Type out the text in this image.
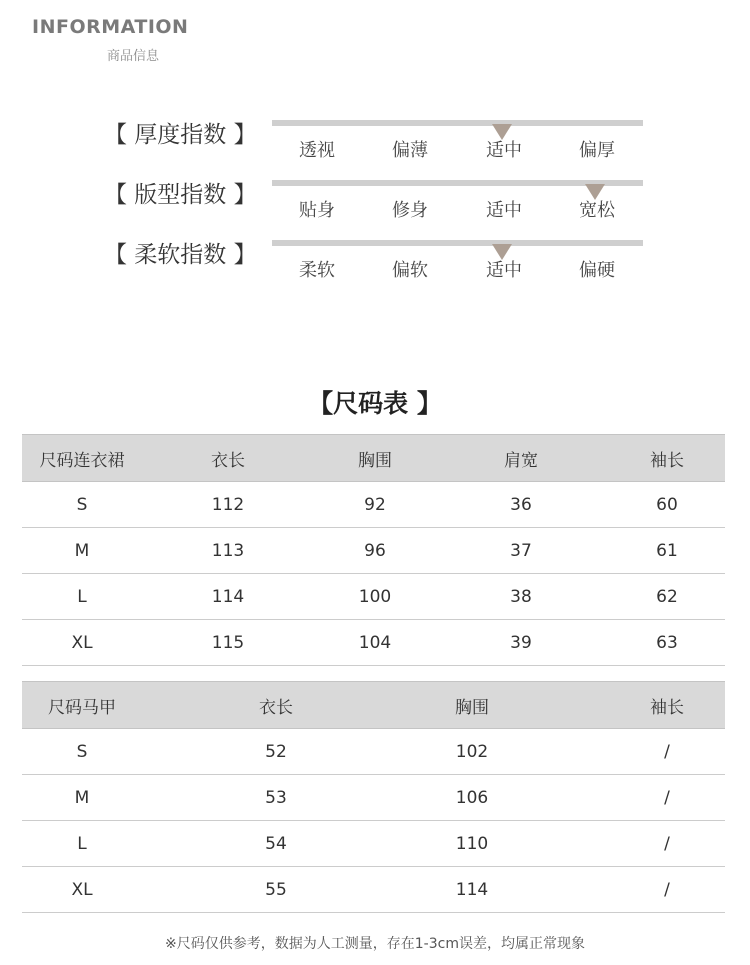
INFORMATION
商品信息
【 厚度指数 】
透视	偏薄	适中	偏厚
【 版型指数 】
贴身	修身	适中	宽松
【 柔软指数 】
柔软	偏软	适中	偏硬
【尺码表 】
尺码连衣裙	衣长	胸围	肩宽	袖长
S	112	92	36	60
M	113	96	37	61
L	114	100	38	62
XL	115	104	39	63
尺码马甲	衣长	胸围	袖长
S	52	102	/
M	53	106	/
L	54	110	/
XL	55	114	/
※尺码仅供参考，数据为人工测量，存在1-3cm误差，均属正常现象
